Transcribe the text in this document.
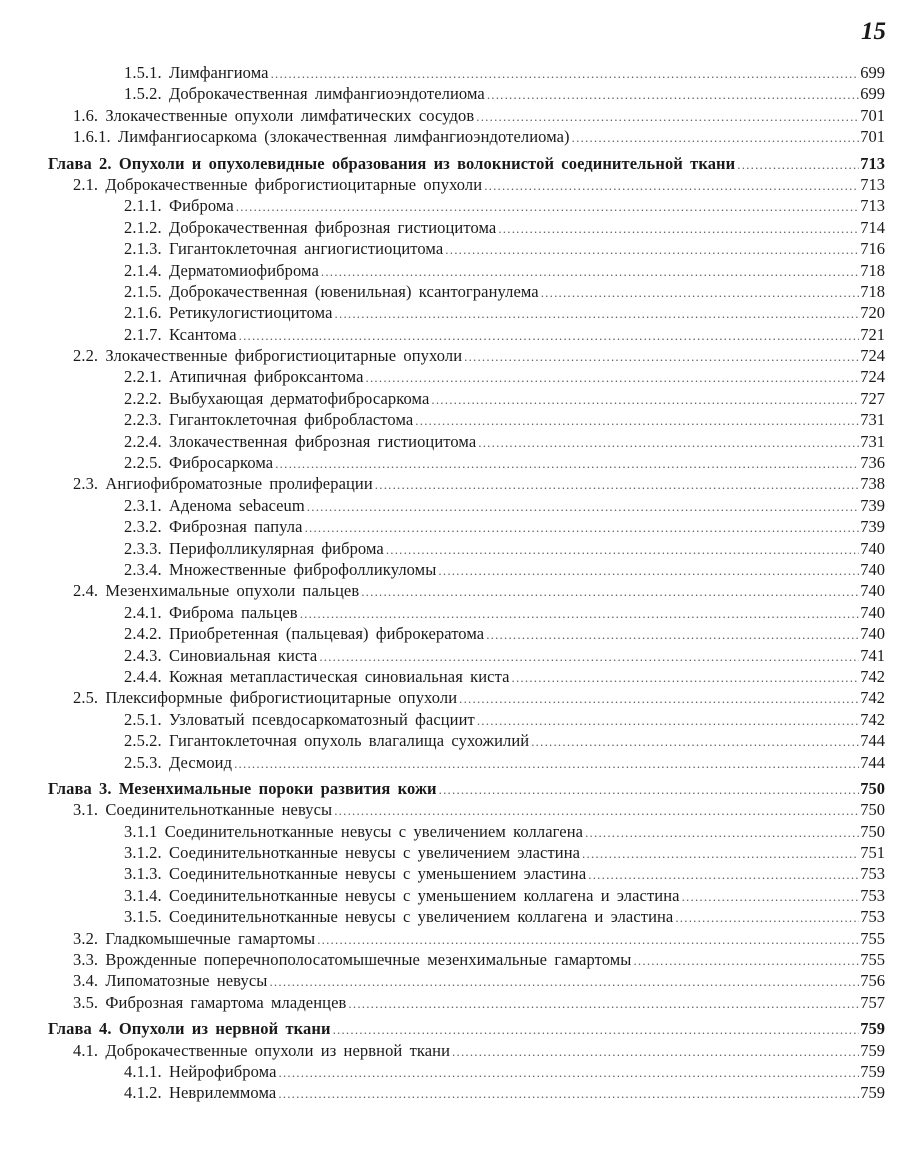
15
1.5.1. Лимфангиома .....	699
1.5.2. Доброкачественная лимфангиоэндотелиома .....	699
1.6. Злокачественные опухоли лимфатических сосудов .....	701
1.6.1. Лимфангиосаркома (злокачественная лимфангиоэндотелиома) .....	701
Глава 2. Опухоли и опухолевидные образования из волокнистой соединительной ткани .....	713
2.1. Доброкачественные фиброгистиоцитарные опухоли .....	713
2.1.1. Фиброма .....	713
2.1.2. Доброкачественная фиброзная гистиоцитома .....	714
2.1.3. Гигантоклеточная ангиогистиоцитома .....	716
2.1.4. Дерматомиофиброма .....	718
2.1.5. Доброкачественная (ювенильная) ксантогранулема .....	718
2.1.6. Ретикулогистиоцитома .....	720
2.1.7. Ксантома .....	721
2.2. Злокачественные фиброгистиоцитарные опухоли .....	724
2.2.1. Атипичная фиброксантома .....	724
2.2.2. Выбухающая дерматофибросаркома .....	727
2.2.3. Гигантоклеточная фибробластома .....	731
2.2.4. Злокачественная фиброзная гистиоцитома .....	731
2.2.5. Фибросаркома .....	736
2.3. Ангиофиброматозные пролиферации .....	738
2.3.1. Аденома sebaceum .....	739
2.3.2. Фиброзная папула .....	739
2.3.3. Перифолликулярная фиброма .....	740
2.3.4. Множественные фиброфолликуломы .....	740
2.4. Мезенхимальные опухоли пальцев .....	740
2.4.1. Фиброма пальцев .....	740
2.4.2. Приобретенная (пальцевая) фиброкератома .....	740
2.4.3. Синовиальная киста .....	741
2.4.4. Кожная метапластическая синовиальная киста .....	742
2.5. Плексиформные фиброгистиоцитарные опухоли .....	742
2.5.1. Узловатый псевдосаркоматозный фасциит .....	742
2.5.2. Гигантоклеточная опухоль влагалища сухожилий .....	744
2.5.3. Десмоид .....	744
Глава 3. Мезенхимальные пороки развития кожи .....	750
3.1. Соединительнотканные невусы .....	750
3.1.1 Соединительнотканные невусы с увеличением коллагена .....	750
3.1.2. Соединительнотканные невусы с увеличением эластина .....	751
3.1.3. Соединительнотканные невусы с уменьшением эластина .....	753
3.1.4. Соединительнотканные невусы с уменьшением коллагена и эластина .....	753
3.1.5. Соединительнотканные невусы с увеличением коллагена и эластина .....	753
3.2. Гладкомышечные гамартомы .....	755
3.3. Врожденные поперечнополосатомышечные мезенхимальные гамартомы .....	755
3.4. Липоматозные невусы .....	756
3.5. Фиброзная гамартома младенцев .....	757
Глава 4. Опухоли из нервной ткани .....	759
4.1. Доброкачественные опухоли из нервной ткани .....	759
4.1.1. Нейрофиброма .....	759
4.1.2. Неврилеммома .....	759
